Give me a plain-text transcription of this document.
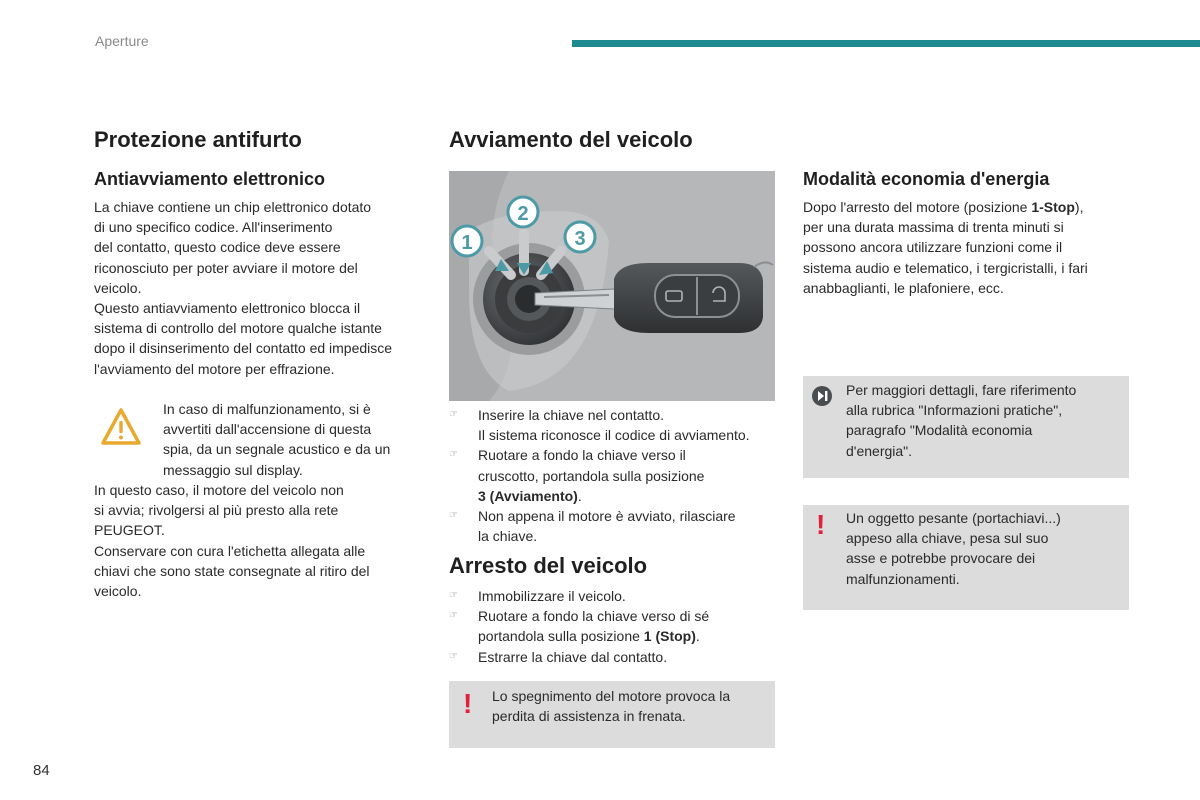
Aperture
Protezione antifurto
Antiavviamento elettronico

La chiave contiene un chip elettronico dotato

di uno specifico codice. All'inserimento

del contatto, questo codice deve essere

riconosciuto per poter avviare il motore del

veicolo.

Questo antiavviamento elettronico blocca il

sistema di controllo del motore qualche istante

dopo il disinserimento del contatto ed impedisce

l'avviamento del motore per effrazione.

In caso di malfunzionamento, si è

avvertiti dall'accensione di questa

spia, da un segnale acustico e da un

messaggio sul display.

In questo caso, il motore del veicolo non

si avvia; rivolgersi al più presto alla rete

PEUGEOT.

Conservare con cura l'etichetta allegata alle

chiavi che sono state consegnate al ritiro del

veicolo.

Avviamento del veicolo
1
2
3
☞ Inserire la chiave nel contatto.
Il sistema riconosce il codice di avviamento.
☞ Ruotare a fondo la chiave verso il
cruscotto, portandola sulla posizione
3 (Avviamento).
☞ Non appena il motore è avviato, rilasciare
la chiave.
Arresto del veicolo
☞ Immobilizzare il veicolo.
☞ Ruotare a fondo la chiave verso di sé
portandola sulla posizione 1 (Stop).
☞ Estrarre la chiave dal contatto.
! Lo spegnimento del motore provoca la
perdita di assistenza in frenata.
Modalità economia d'energia

Dopo l'arresto del motore (posizione 1-Stop),

per una durata massima di trenta minuti si

possono ancora utilizzare funzioni come il

sistema audio e telematico, i tergicristalli, i fari

anabbaglianti, le plafoniere, ecc.

Per maggiori dettagli, fare riferimento
alla rubrica "Informazioni pratiche",
paragrafo "Modalità economia
d'energia".
! Un oggetto pesante (portachiavi...)
appeso alla chiave, pesa sul suo
asse e potrebbe provocare dei
malfunzionamenti.
84
